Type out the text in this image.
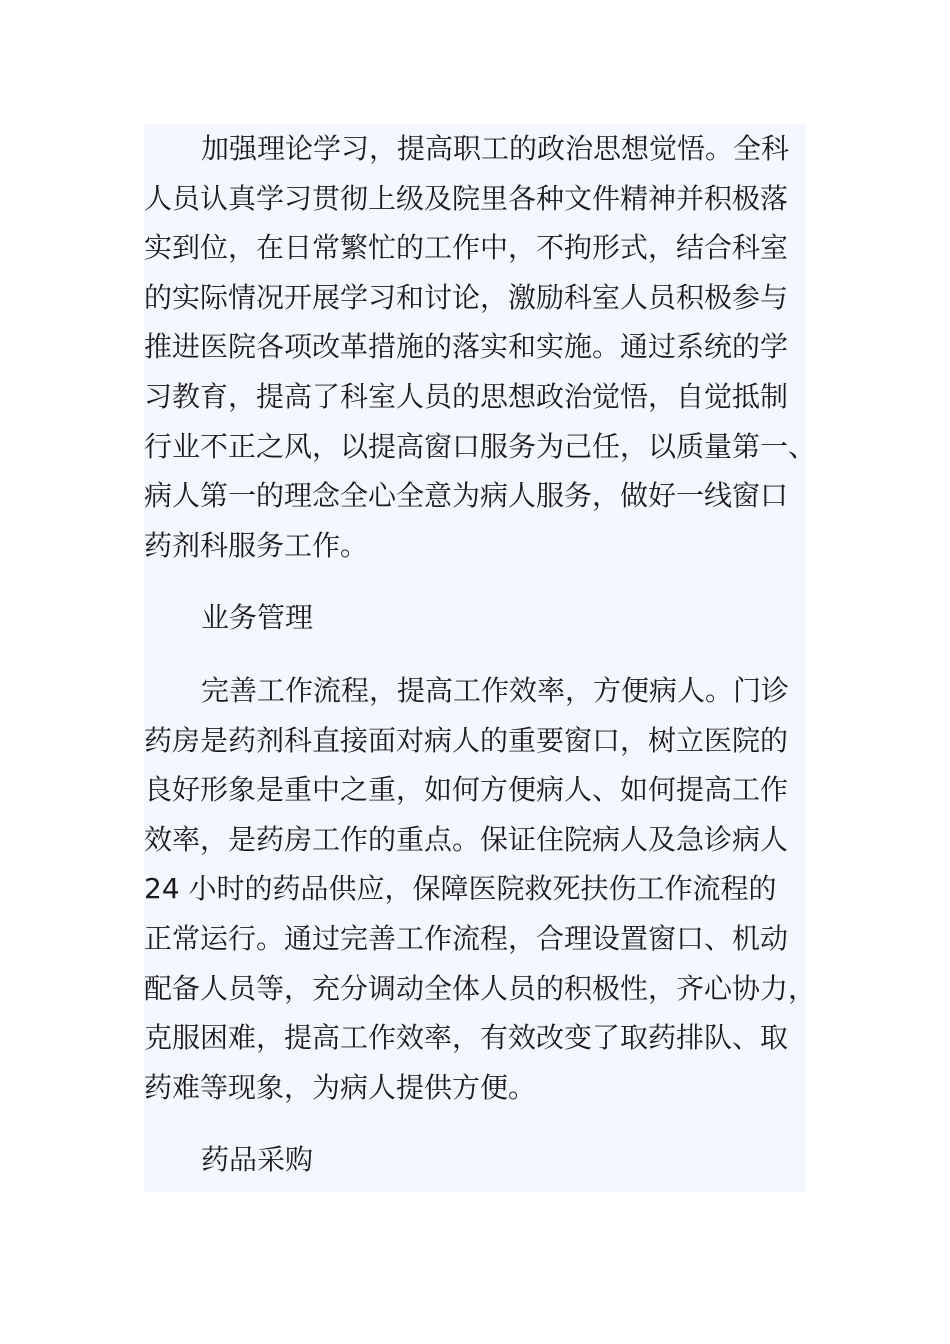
加强理论学习，提高职工的政治思想觉悟。全科
人员认真学习贯彻上级及院里各种文件精神并积极落
实到位，在日常繁忙的工作中，不拘形式，结合科室
的实际情况开展学习和讨论，激励科室人员积极参与
推进医院各项改革措施的落实和实施。通过系统的学
习教育，提高了科室人员的思想政治觉悟，自觉抵制
行业不正之风，以提高窗口服务为己任，以质量第一、
病人第一的理念全心全意为病人服务，做好一线窗口
药剂科服务工作。
业务管理
完善工作流程，提高工作效率，方便病人。门诊
药房是药剂科直接面对病人的重要窗口，树立医院的
良好形象是重中之重，如何方便病人、如何提高工作
效率，是药房工作的重点。保证住院病人及急诊病人
24 小时的药品供应，保障医院救死扶伤工作流程的
正常运行。通过完善工作流程，合理设置窗口、机动
配备人员等，充分调动全体人员的积极性，齐心协力，
克服困难，提高工作效率，有效改变了取药排队、取
药难等现象，为病人提供方便。
药品采购
